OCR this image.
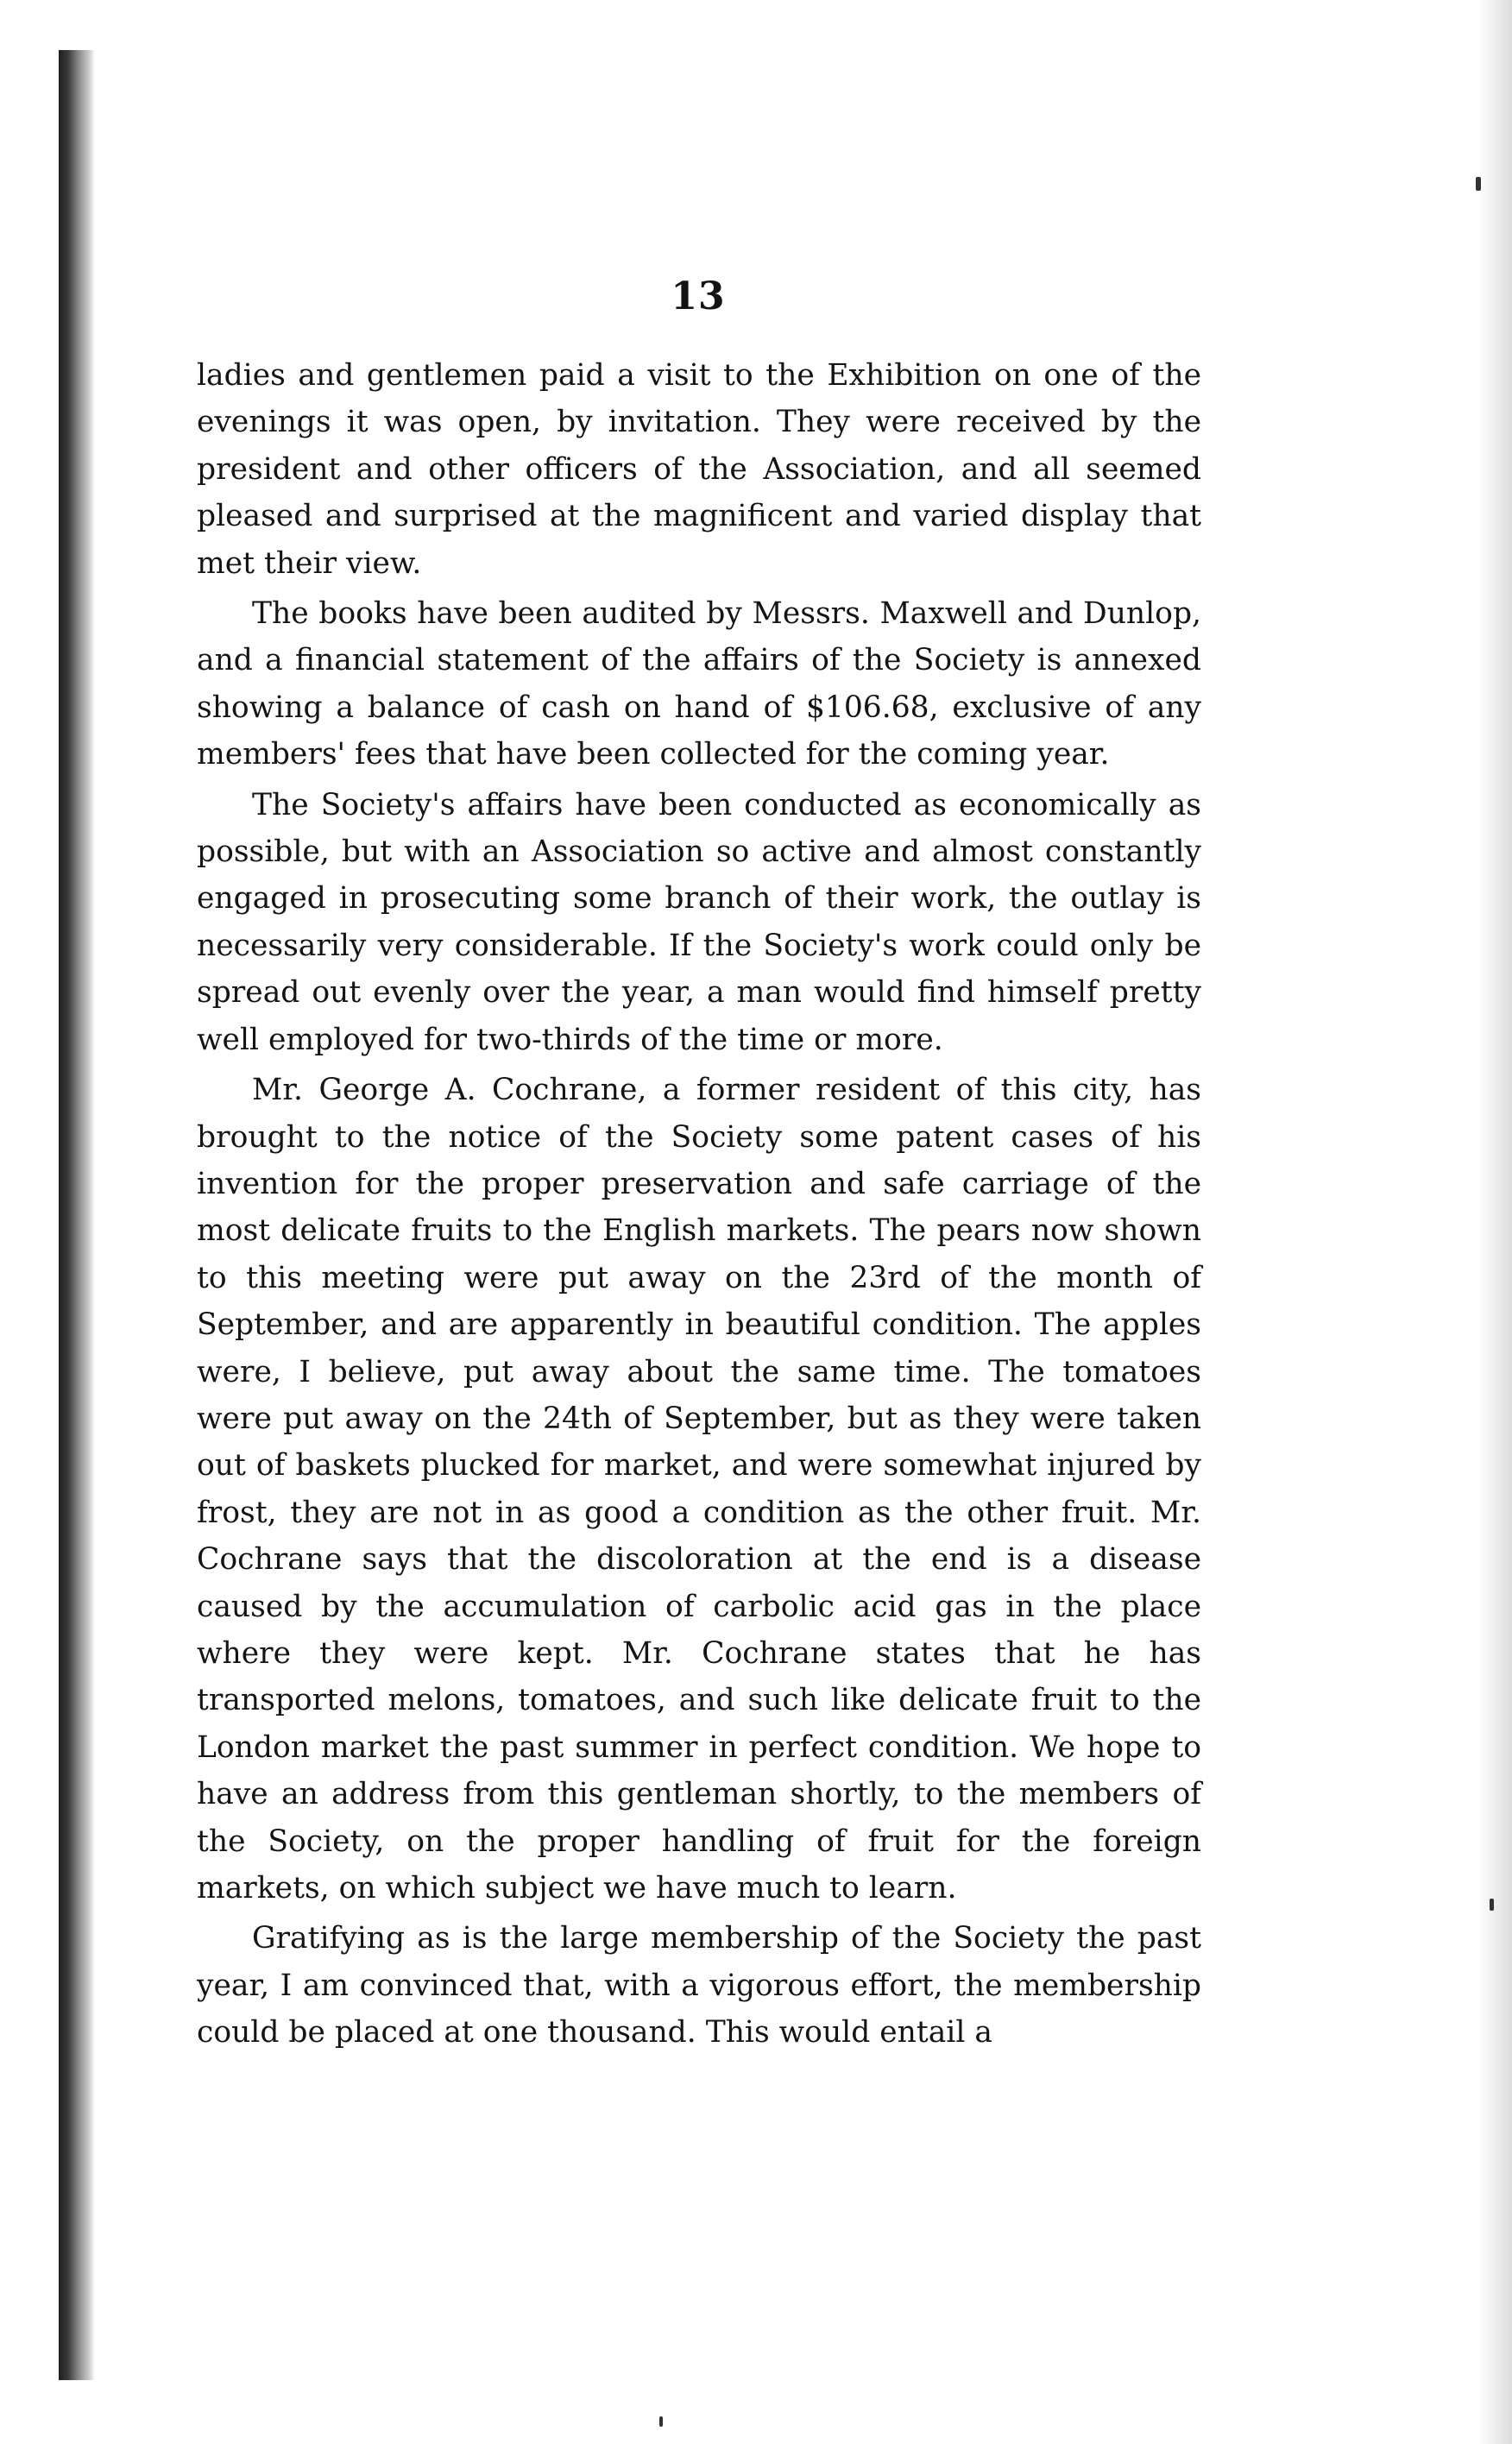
13

ladies and gentlemen paid a visit to the Exhibition on one of the evenings it was open, by invitation. They were received by the president and other officers of the Association, and all seemed pleased and surprised at the magnificent and varied display that met their view.

The books have been audited by Messrs. Maxwell and Dunlop, and a financial statement of the affairs of the Society is annexed showing a balance of cash on hand of $106.68, exclusive of any members' fees that have been collected for the coming year.

The Society's affairs have been conducted as economically as possible, but with an Association so active and almost constantly engaged in prosecuting some branch of their work, the outlay is necessarily very considerable. If the Society's work could only be spread out evenly over the year, a man would find himself pretty well employed for two-thirds of the time or more.

Mr. George A. Cochrane, a former resident of this city, has brought to the notice of the Society some patent cases of his invention for the proper preservation and safe carriage of the most delicate fruits to the English markets. The pears now shown to this meeting were put away on the 23rd of the month of September, and are apparently in beautiful condition. The apples were, I believe, put away about the same time. The tomatoes were put away on the 24th of September, but as they were taken out of baskets plucked for market, and were somewhat injured by frost, they are not in as good a condition as the other fruit. Mr. Cochrane says that the discoloration at the end is a disease caused by the accumulation of carbolic acid gas in the place where they were kept. Mr. Cochrane states that he has transported melons, tomatoes, and such like delicate fruit to the London market the past summer in perfect condition. We hope to have an address from this gentleman shortly, to the members of the Society, on the proper handling of fruit for the foreign markets, on which subject we have much to learn.

Gratifying as is the large membership of the Society the past year, I am convinced that, with a vigorous effort, the membership could be placed at one thousand. This would entail a
